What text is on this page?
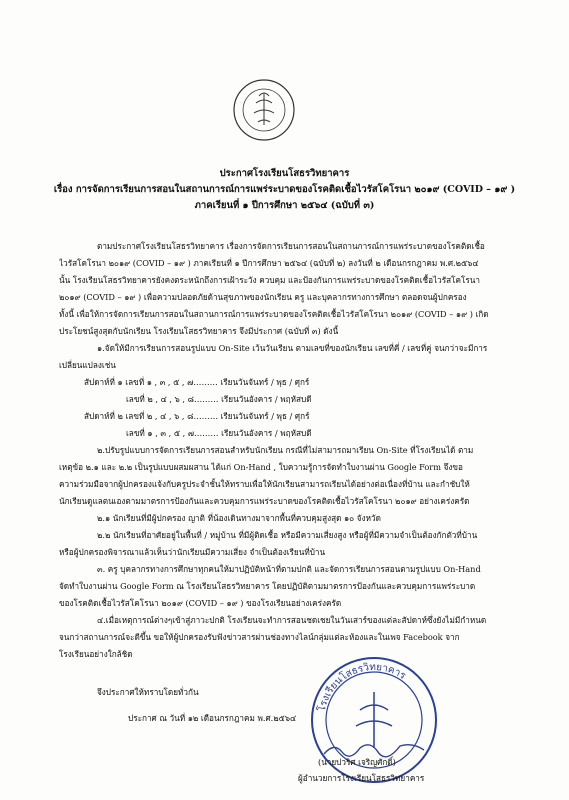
ประกาศโรงเรียนโสธรวิทยาคาร
เรื่อง การจัดการเรียนการสอนในสถานการณ์การแพร่ระบาดของโรคติดเชื้อไวรัสโคโรนา ๒๐๑๙ (COVID – ๑๙ )
ภาคเรียนที่ ๑ ปีการศึกษา ๒๕๖๔ (ฉบับที่ ๓)
ตามประกาศโรงเรียนโสธรวิทยาคาร เรื่องการจัดการเรียนการสอนในสถานการณ์การแพร่ระบาดของโรคติดเชื้อ
ไวรัสโคโรนา ๒๐๑๙ (COVID – ๑๙ ) ภาคเรียนที่ ๑ ปีการศึกษา ๒๕๖๔ (ฉบับที่ ๒) ลงวันที่ ๒ เดือนกรกฎาคม พ.ศ.๒๕๖๔
นั้น โรงเรียนโสธรวิทยาคารยังคงตระหนักถึงการเฝ้าระวัง ควบคุม และป้องกันการแพร่ระบาดของโรคติดเชื้อไวรัสโคโรนา
๒๐๑๙ (COVID – ๑๙ ) เพื่อความปลอดภัยด้านสุขภาพของนักเรียน ครู และบุคลากรทางการศึกษา ตลอดจนผู้ปกครอง
ทั้งนี้ เพื่อให้การจัดการเรียนการสอนในสถานการณ์การแพร่ระบาดของโรคติดเชื้อไวรัสโคโรนา ๒๐๑๙ (COVID – ๑๙ ) เกิด
ประโยชน์สูงสุดกับนักเรียน โรงเรียนโสธรวิทยาคาร จึงมีประกาศ (ฉบับที่ ๓) ดังนี้
๑.จัดให้มีการเรียนการสอนรูปแบบ On-Site เว้นวันเรียน ตามเลขที่ของนักเรียน เลขที่คี่ / เลขที่คู่ จนกว่าจะมีการ
เปลี่ยนแปลงเช่น
สัปดาห์ที่ ๑ เลขที่ ๑ , ๓ , ๕ , ๗……… เรียนวันจันทร์ / พุธ / ศุกร์
เลขที่ ๒ , ๔ , ๖ , ๘……… เรียนวันอังคาร / พฤหัสบดี
สัปดาห์ที่ ๒ เลขที่ ๒ , ๔ , ๖ , ๘……… เรียนวันจันทร์ / พุธ / ศุกร์
เลขที่ ๑ , ๓ , ๕ , ๗……… เรียนวันอังคาร / พฤหัสบดี
๒.ปรับรูปแบบการจัดการเรียนการสอนสำหรับนักเรียน กรณีที่ไม่สามารถมาเรียน On-Site ที่โรงเรียนได้ ตาม
เหตุข้อ ๒.๑ และ ๒.๒ เป็นรูปแบบผสมผสาน ได้แก่ On-Hand , ใบความรู้การจัดทำใบงานผ่าน Google Form จึงขอ
ความร่วมมือจากผู้ปกครองแจ้งกับครูประจำชั้นให้ทราบเพื่อให้นักเรียนสามารถเรียนได้อย่างต่อเนื่องที่บ้าน และกำชับให้
นักเรียนดูแลตนเองตามมาตรการป้องกันและควบคุมการแพร่ระบาดของโรคติดเชื้อไวรัสโคโรนา ๒๐๑๙ อย่างเคร่งครัด
๒.๑ นักเรียนที่มีผู้ปกครอง ญาติ ที่น้องเดินทางมาจากพื้นที่ควบคุมสูงสุด ๑๐ จังหวัด
๒.๒ นักเรียนที่อาศัยอยู่ในพื้นที่ / หมู่บ้าน ที่มีผู้ติดเชื้อ หรือมีความเสี่ยงสูง หรือผู้ที่มีความจำเป็นต้องกักตัวที่บ้าน
หรือผู้ปกครองพิจารณาแล้วเห็นว่านักเรียนมีความเสี่ยง จำเป็นต้องเรียนที่บ้าน
๓. ครู บุคลากรทางการศึกษาทุกคนให้มาปฏิบัติหน้าที่ตามปกติ และจัดการเรียนการสอนตามรูปแบบ On-Hand
จัดทำใบงานผ่าน Google Form ณ โรงเรียนโสธรวิทยาคาร โดยปฏิบัติตามมาตรการป้องกันและควบคุมการแพร่ระบาด
ของโรคติดเชื้อไวรัสโคโรนา ๒๐๑๙ (COVID – ๑๙ ) ของโรงเรียนอย่างเคร่งครัด
๔.เมื่อเหตุการณ์ต่างๆเข้าสู่ภาวะปกติ โรงเรียนจะทำการสอนชดเชยในวันเสาร์ของแต่ละสัปดาห์ซึ่งยังไม่มีกำหนด
จนกว่าสถานการณ์จะดีขึ้น ขอให้ผู้ปกครองรับฟังข่าวสารผ่านช่องทางไลน์กลุ่มแต่ละห้องและในเพจ Facebook จาก
โรงเรียนอย่างใกล้ชิด
จึงประกาศให้ทราบโดยทั่วกัน
ประกาศ ณ วันที่ ๑๒ เดือนกรกฎาคม พ.ศ.๒๕๖๔
โรงเรียนโสธรวิทยาคาร
(นายปวริศ เจริญศักดิ์)
ผู้อำนวยการโรงเรียนโสธรวิทยาคาร
